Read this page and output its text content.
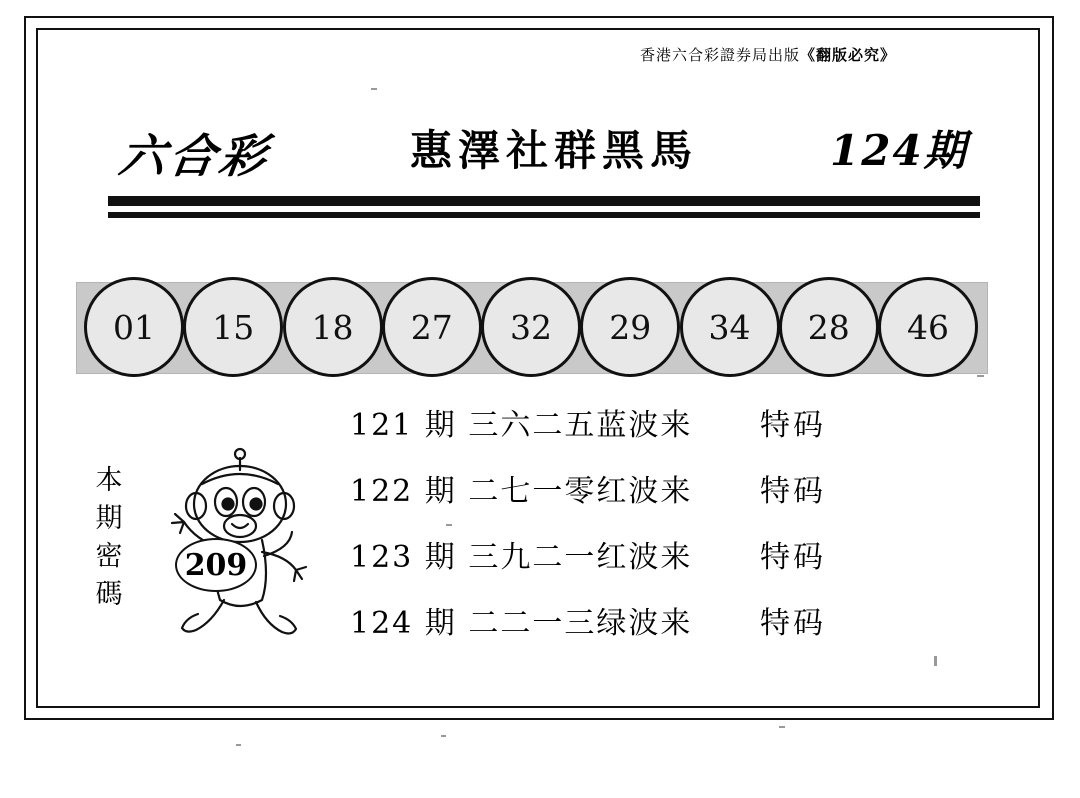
香港六合彩證券局出版《翻版必究》
六合彩	惠澤社群黑馬	124期
01	15	18	27	32	29	34	28	46
本
期
密
碼
209
121 期 三六二五蓝波来	特码
122 期 二七一零红波来	特码
123 期 三九二一红波来	特码
124 期 二二一三绿波来	特码
